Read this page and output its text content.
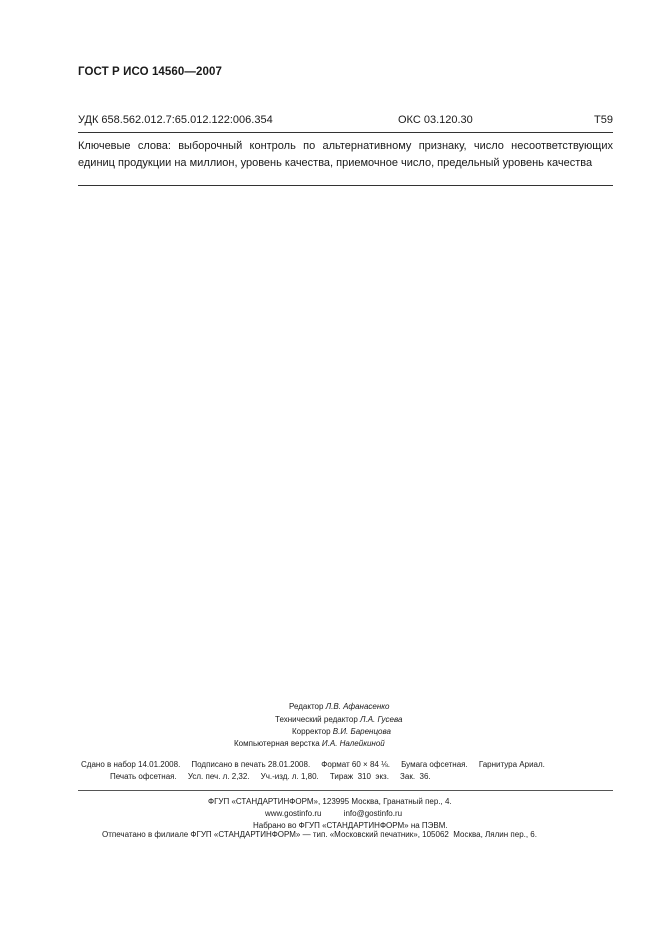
ГОСТ Р ИСО 14560—2007
УДК 658.562.012.7:65.012.122:006.354	ОКС 03.120.30	Т59
Ключевые слова: выборочный контроль по альтернативному признаку, число несоответствующих единиц продукции на миллион, уровень качества, приемочное число, предельный уровень качества
Редактор Л.В. Афанасенко
Технический редактор Л.А. Гусева
Корректор В.И. Баренцова
Компьютерная верстка И.А. Налейкиной
Сдано в набор 14.01.2008.     Подписано в печать 28.01.2008.     Формат 60 × 84 ⅛.     Бумага офсетная.     Гарнитура Ариал.
Печать офсетная.     Усл. печ. л. 2,32.     Уч.-изд. л. 1,80.     Тираж  310  экз.     Зак.  36.
ФГУП «СТАНДАРТИНФОРМ», 123995 Москва, Гранатный пер., 4.
www.gostinfo.ru          info@gostinfo.ru
Набрано во ФГУП «СТАНДАРТИНФОРМ» на ПЭВМ.
Отпечатано в филиале ФГУП «СТАНДАРТИНФОРМ» — тип. «Московский печатник», 105062  Москва, Лялин пер., 6.
